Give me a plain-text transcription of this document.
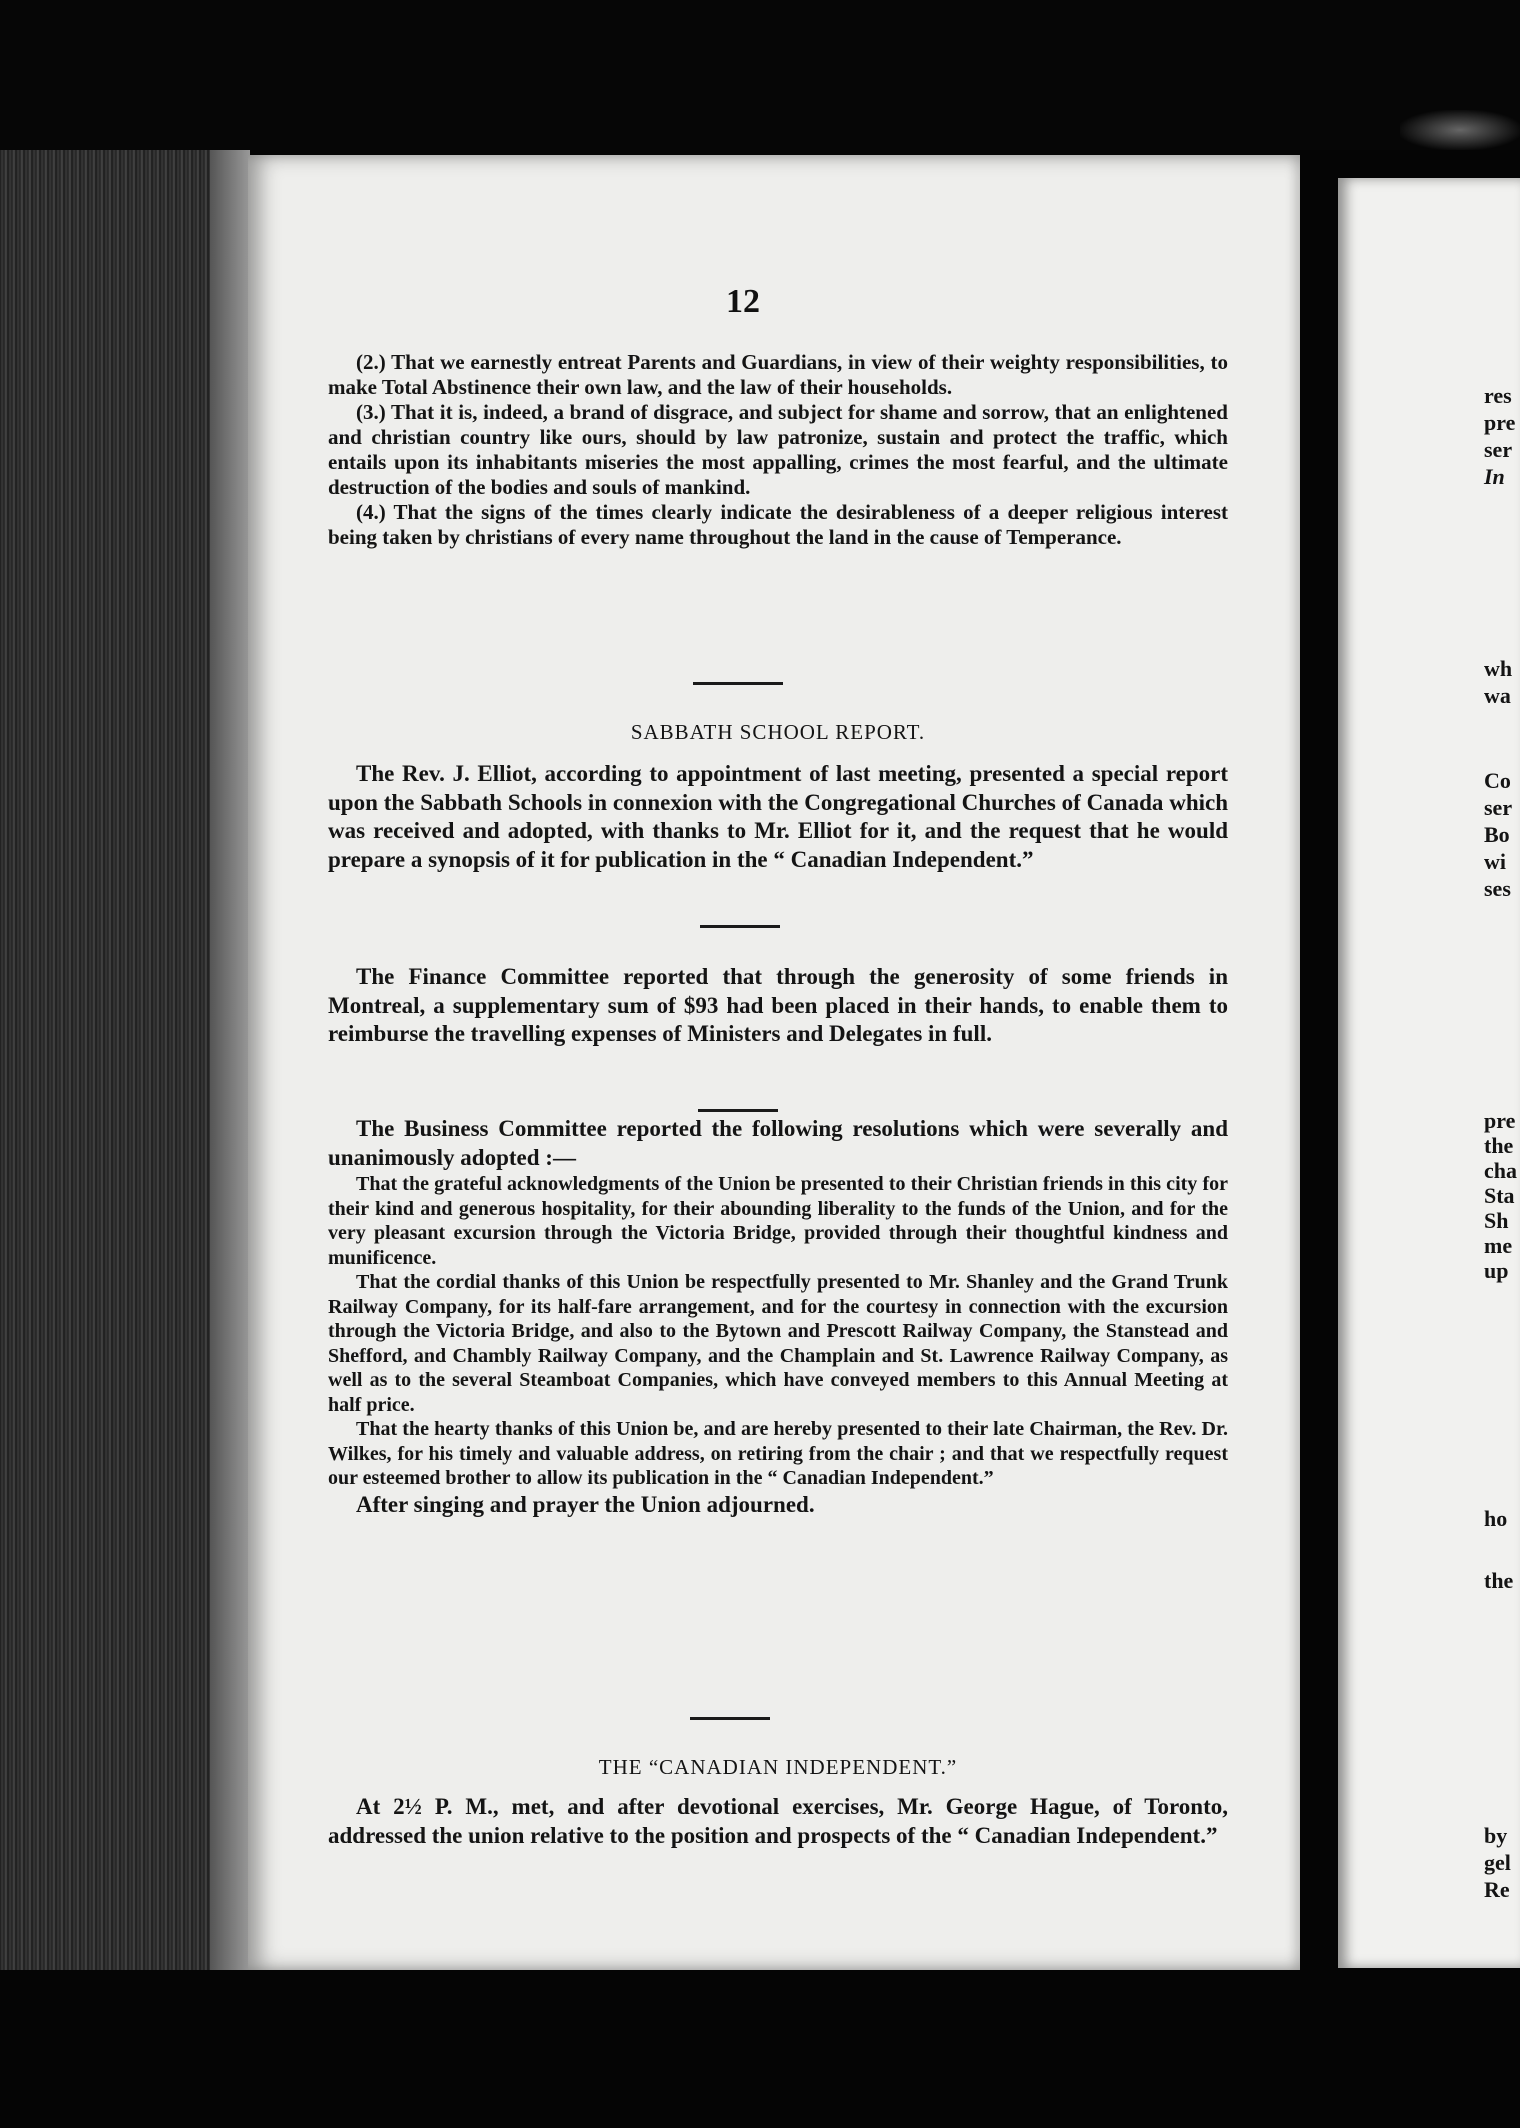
12

(2.) That we earnestly entreat Parents and Guardians, in view of their weighty responsibilities, to make Total Abstinence their own law, and the law of their households.

(3.) That it is, indeed, a brand of disgrace, and subject for shame and sorrow, that an enlightened and christian country like ours, should by law patronize, sustain and protect the traffic, which entails upon its inhabitants miseries the most appalling, crimes the most fearful, and the ultimate destruction of the bodies and souls of mankind.

(4.) That the signs of the times clearly indicate the desirableness of a deeper religious interest being taken by christians of every name throughout the land in the cause of Temperance.

SABBATH SCHOOL REPORT.

The Rev. J. Elliot, according to appointment of last meeting, presented a special report upon the Sabbath Schools in connexion with the Congregational Churches of Canada which was received and adopted, with thanks to Mr. Elliot for it, and the request that he would prepare a synopsis of it for publication in the “ Canadian Independent.”

The Finance Committee reported that through the generosity of some friends in Montreal, a supplementary sum of $93 had been placed in their hands, to enable them to reimburse the travelling expenses of Ministers and Delegates in full.

The Business Committee reported the following resolutions which were severally and unanimously adopted :—

That the grateful acknowledgments of the Union be presented to their Christian friends in this city for their kind and generous hospitality, for their abounding liberality to the funds of the Union, and for the very pleasant excursion through the Victoria Bridge, provided through their thoughtful kindness and munificence.

That the cordial thanks of this Union be respectfully presented to Mr. Shanley and the Grand Trunk Railway Company, for its half-fare arrangement, and for the courtesy in connection with the excursion through the Victoria Bridge, and also to the Bytown and Prescott Railway Company, the Stanstead and Shefford, and Chambly Railway Company, and the Champlain and St. Lawrence Railway Company, as well as to the several Steamboat Companies, which have conveyed members to this Annual Meeting at half price.

That the hearty thanks of this Union be, and are hereby presented to their late Chairman, the Rev. Dr. Wilkes, for his timely and valuable address, on retiring from the chair ; and that we respectfully request our esteemed brother to allow its publication in the “ Canadian Independent.”

After singing and prayer the Union adjourned.

THE “CANADIAN INDEPENDENT.”

At 2½ P. M., met, and after devotional exercises, Mr. George Hague, of Toronto, addressed the union relative to the position and prospects of the “ Canadian Independent.”

res
pre
ser
In
wh
wa
Co
ser
Bo
wi
ses
pre
the
cha
Sta
Sh
me
up
ho
the
by
gel
Re
